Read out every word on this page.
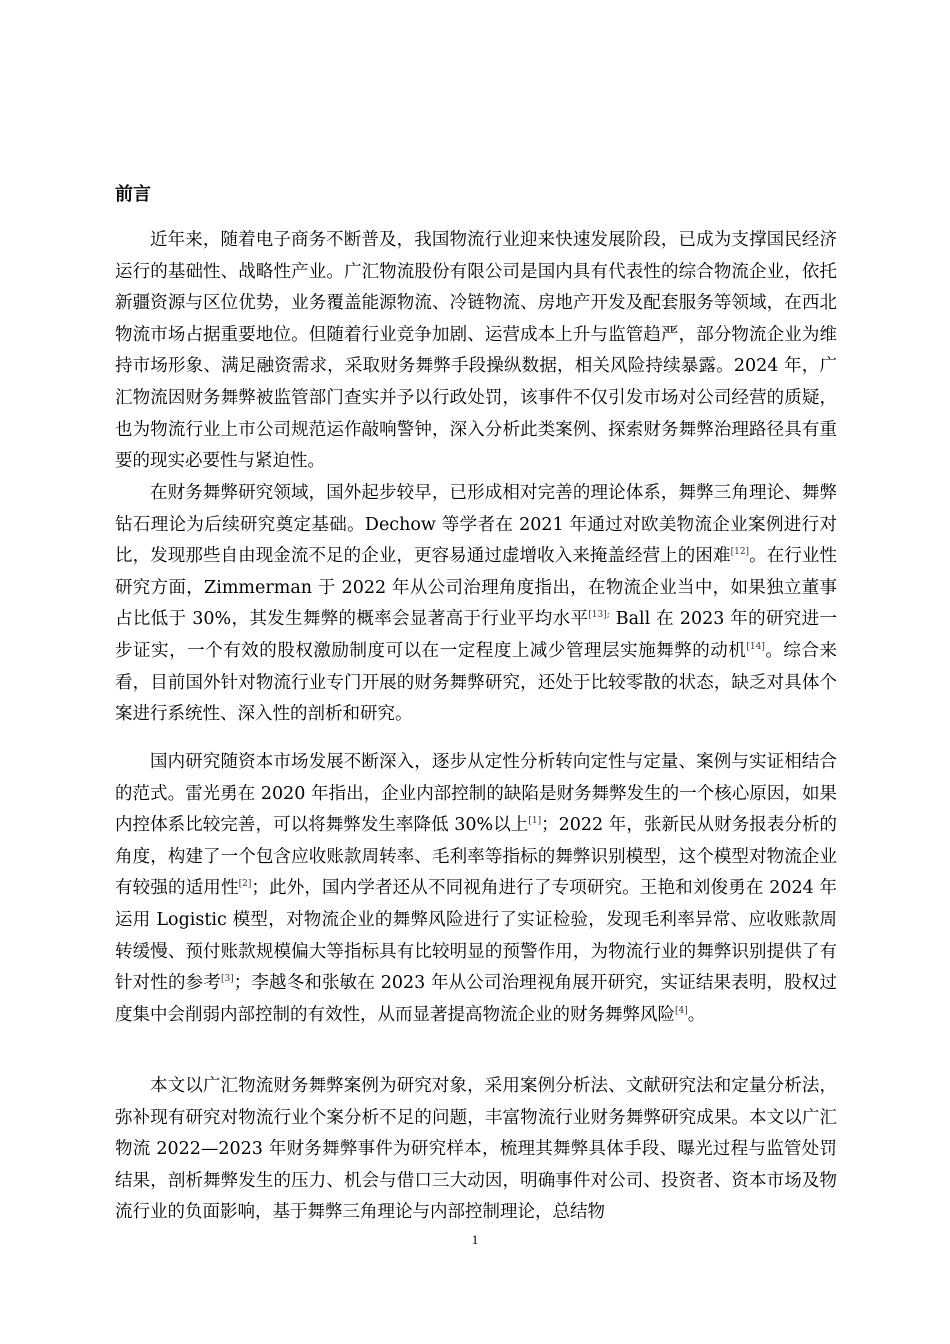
前言

近年来，随着电子商务不断普及，我国物流行业迎来快速发展阶段，已成为支撑国民经济运行的基础性、战略性产业。广汇物流股份有限公司是国内具有代表性的综合物流企业，依托新疆资源与区位优势，业务覆盖能源物流、冷链物流、房地产开发及配套服务等领域，在西北物流市场占据重要地位。但随着行业竞争加剧、运营成本上升与监管趋严，部分物流企业为维持市场形象、满足融资需求，采取财务舞弊手段操纵数据，相关风险持续暴露。2024 年，广汇物流因财务舞弊被监管部门查实并予以行政处罚，该事件不仅引发市场对公司经营的质疑，也为物流行业上市公司规范运作敲响警钟，深入分析此类案例、探索财务舞弊治理路径具有重要的现实必要性与紧迫性。

在财务舞弊研究领域，国外起步较早，已形成相对完善的理论体系，舞弊三角理论、舞弊钻石理论为后续研究奠定基础。Dechow 等学者在 2021 年通过对欧美物流企业案例进行对比，发现那些自由现金流不足的企业，更容易通过虚增收入来掩盖经营上的困难[12]。在行业性研究方面，Zimmerman 于 2022 年从公司治理角度指出，在物流企业当中，如果独立董事占比低于 30%，其发生舞弊的概率会显著高于行业平均水平$^{[13];}$ Ball 在 2023 年的研究进一步证实，一个有效的股权激励制度可以在一定程度上减少管理层实施舞弊的动机[14]。综合来看，目前国外针对物流行业专门开展的财务舞弊研究，还处于比较零散的状态，缺乏对具体个案进行系统性、深入性的剖析和研究。

国内研究随资本市场发展不断深入，逐步从定性分析转向定性与定量、案例与实证相结合的范式。雷光勇在 2020 年指出，企业内部控制的缺陷是财务舞弊发生的一个核心原因，如果内控体系比较完善，可以将舞弊发生率降低 30%以上[1]；2022 年，张新民从财务报表分析的角度，构建了一个包含应收账款周转率、毛利率等指标的舞弊识别模型，这个模型对物流企业有较强的适用性[2]；此外，国内学者还从不同视角进行了专项研究。王艳和刘俊勇在 2024 年运用 Logistic 模型，对物流企业的舞弊风险进行了实证检验，发现毛利率异常、应收账款周转缓慢、预付账款规模偏大等指标具有比较明显的预警作用，为物流行业的舞弊识别提供了有针对性的参考[3]；李越冬和张敏在 2023 年从公司治理视角展开研究，实证结果表明，股权过度集中会削弱内部控制的有效性，从而显著提高物流企业的财务舞弊风险[4]。

本文以广汇物流财务舞弊案例为研究对象，采用案例分析法、文献研究法和定量分析法，弥补现有研究对物流行业个案分析不足的问题，丰富物流行业财务舞弊研究成果。本文以广汇物流 2022—2023 年财务舞弊事件为研究样本，梳理其舞弊具体手段、曝光过程与监管处罚结果，剖析舞弊发生的压力、机会与借口三大动因，明确事件对公司、投资者、资本市场及物流行业的负面影响，基于舞弊三角理论与内部控制理论，总结物

1
